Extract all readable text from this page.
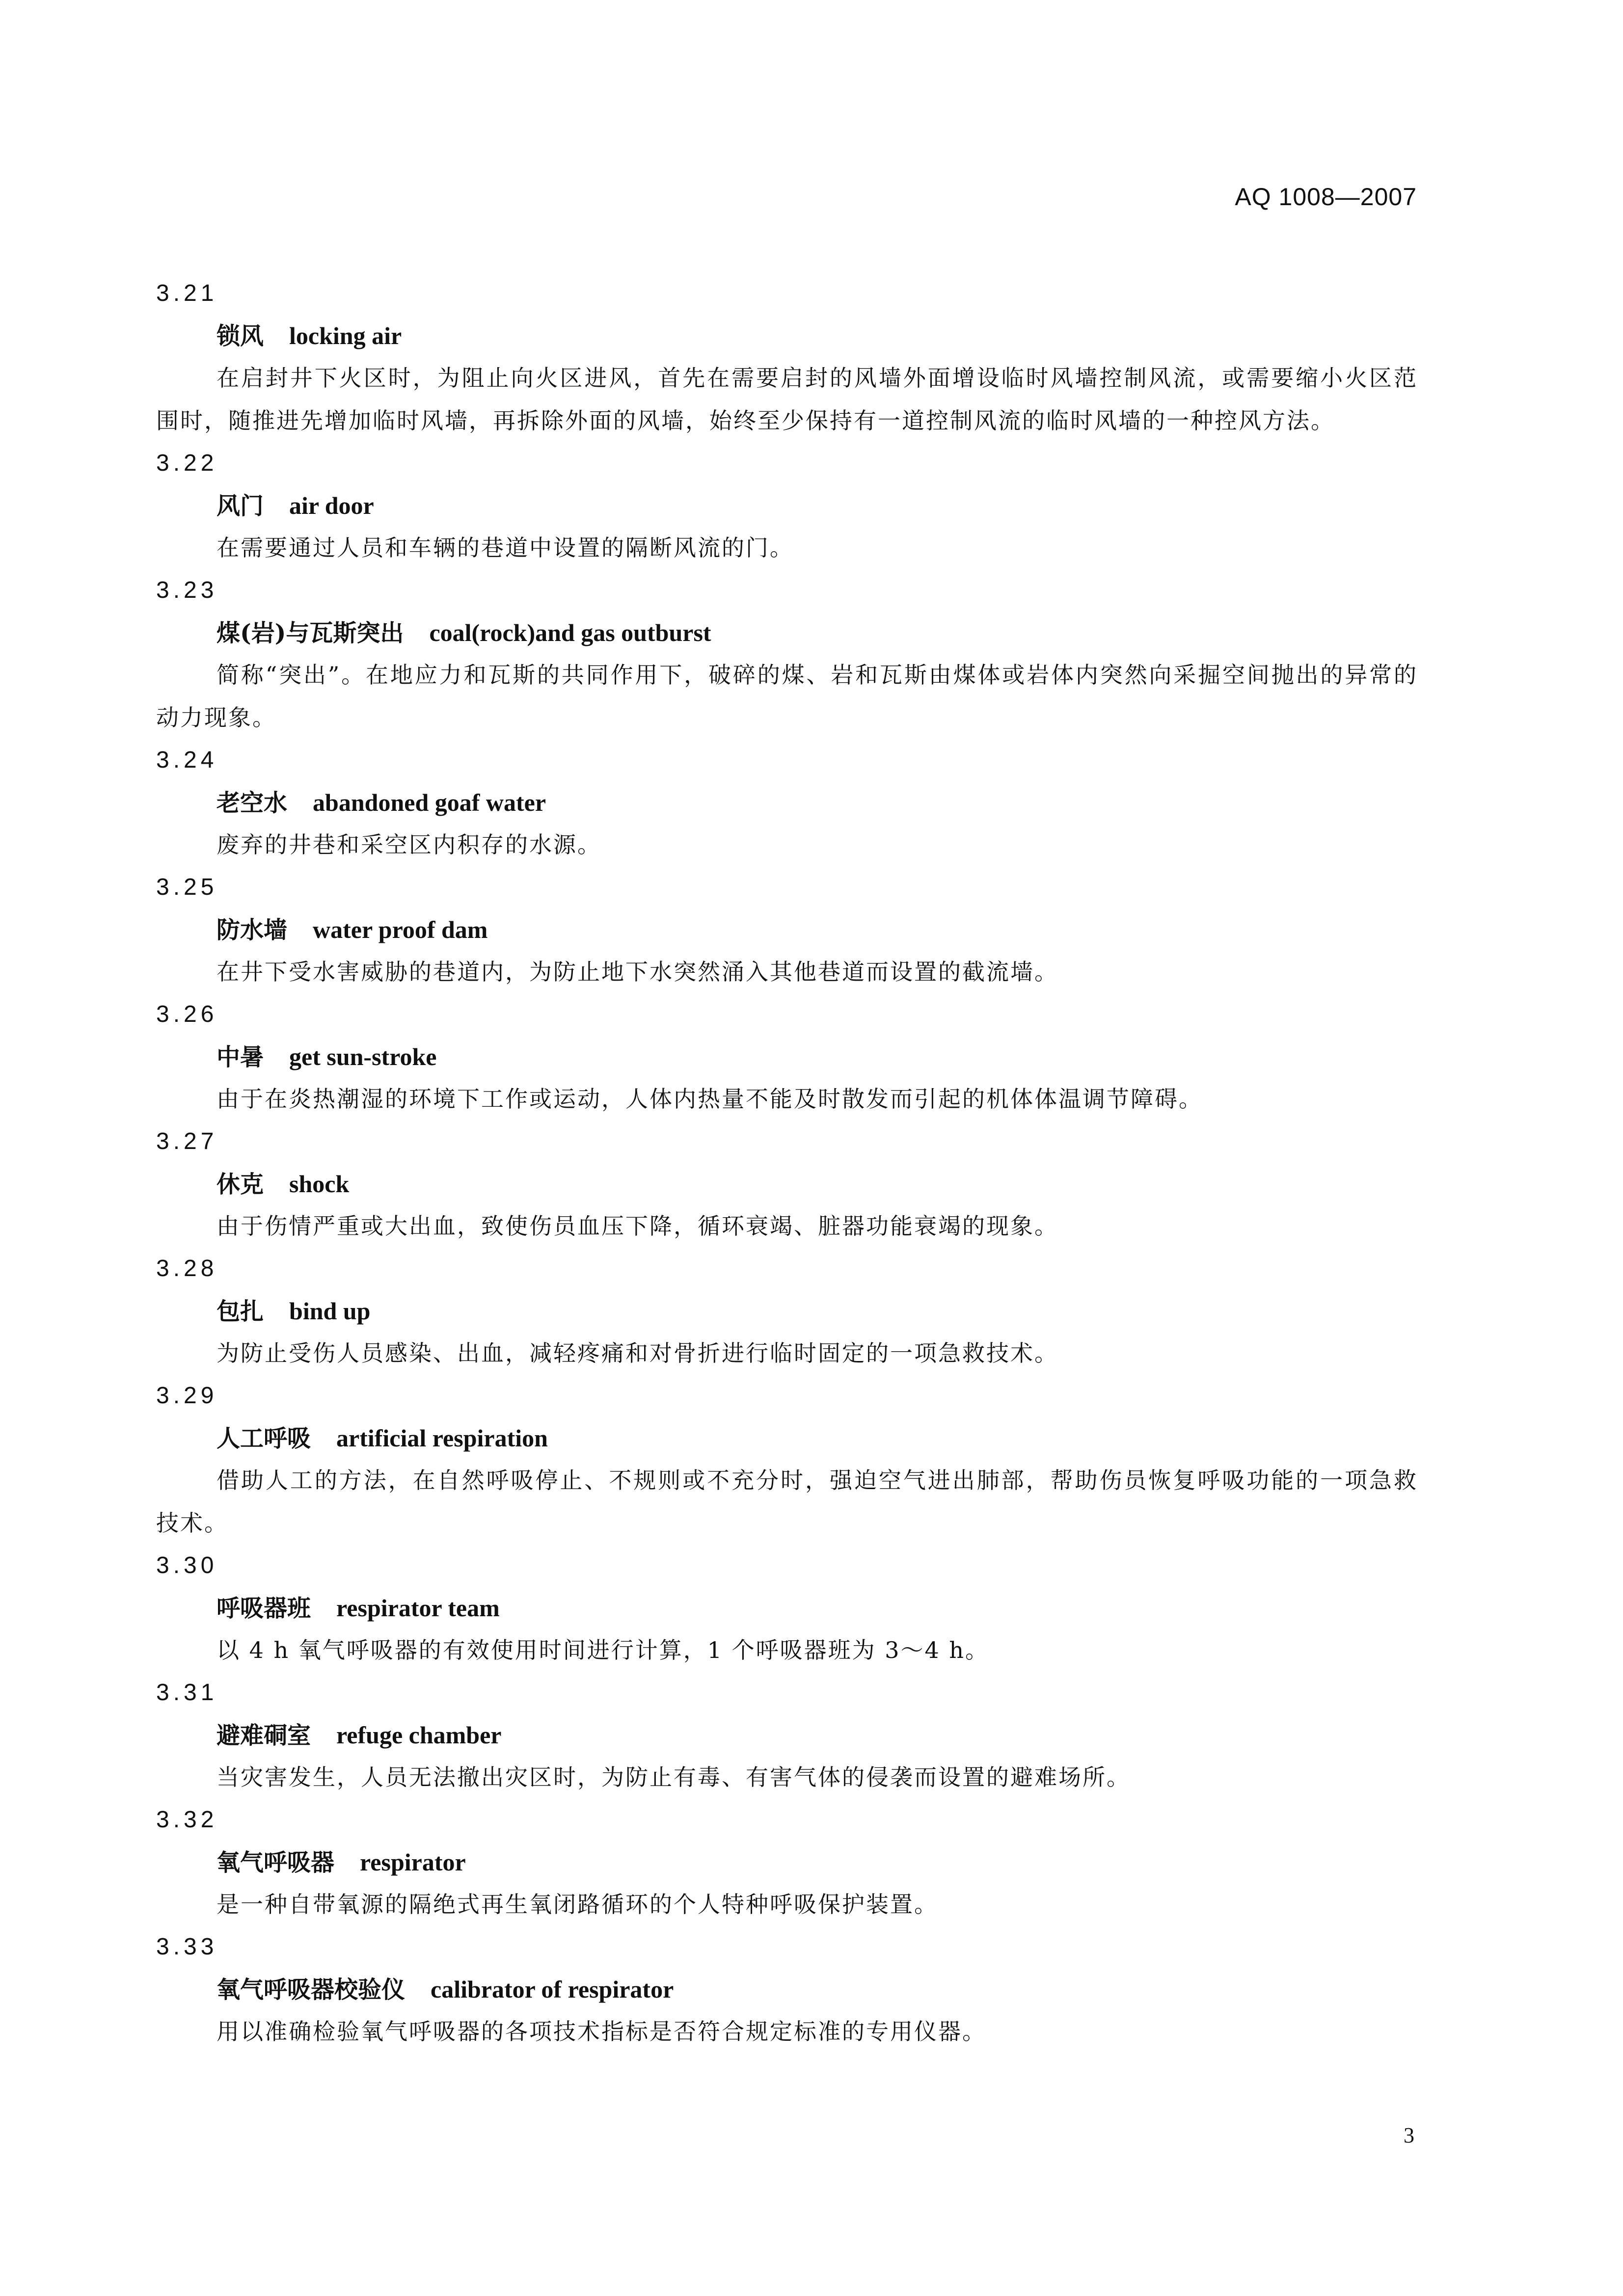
AQ 1008—2007
3.21
锁风 locking air
在启封井下火区时，为阻止向火区进风，首先在需要启封的风墙外面增设临时风墙控制风流，或需要缩小火区范围时，随推进先增加临时风墙，再拆除外面的风墙，始终至少保持有一道控制风流的临时风墙的一种控风方法。
3.22
风门 air door
在需要通过人员和车辆的巷道中设置的隔断风流的门。
3.23
煤(岩)与瓦斯突出 coal(rock)and gas outburst
简称“突出”。在地应力和瓦斯的共同作用下，破碎的煤、岩和瓦斯由煤体或岩体内突然向采掘空间抛出的异常的动力现象。
3.24
老空水 abandoned goaf water
废弃的井巷和采空区内积存的水源。
3.25
防水墙 water proof dam
在井下受水害威胁的巷道内，为防止地下水突然涌入其他巷道而设置的截流墙。
3.26
中暑 get sun-stroke
由于在炎热潮湿的环境下工作或运动，人体内热量不能及时散发而引起的机体体温调节障碍。
3.27
休克 shock
由于伤情严重或大出血，致使伤员血压下降，循环衰竭、脏器功能衰竭的现象。
3.28
包扎 bind up
为防止受伤人员感染、出血，减轻疼痛和对骨折进行临时固定的一项急救技术。
3.29
人工呼吸 artificial respiration
借助人工的方法，在自然呼吸停止、不规则或不充分时，强迫空气进出肺部，帮助伤员恢复呼吸功能的一项急救技术。
3.30
呼吸器班 respirator team
以 4 h 氧气呼吸器的有效使用时间进行计算，1 个呼吸器班为 3～4 h。
3.31
避难硐室 refuge chamber
当灾害发生，人员无法撤出灾区时，为防止有毒、有害气体的侵袭而设置的避难场所。
3.32
氧气呼吸器 respirator
是一种自带氧源的隔绝式再生氧闭路循环的个人特种呼吸保护装置。
3.33
氧气呼吸器校验仪 calibrator of respirator
用以准确检验氧气呼吸器的各项技术指标是否符合规定标准的专用仪器。
3
